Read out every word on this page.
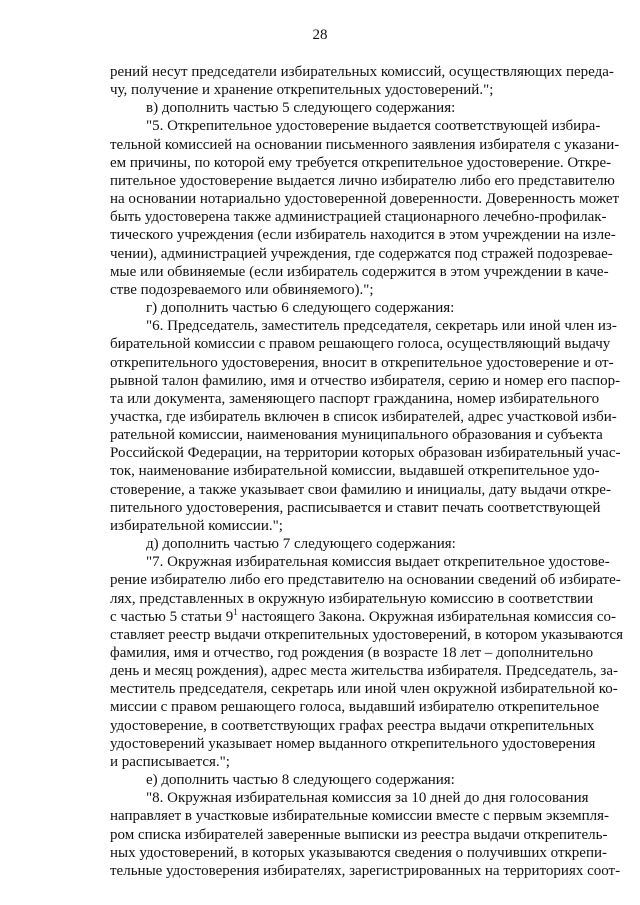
28
рений несут председатели избирательных комиссий, осуществляющих переда-
чу, получение и хранение открепительных удостоверений.";
в) дополнить частью 5 следующего содержания:
"5. Открепительное удостоверение выдается соответствующей избира-
тельной комиссией на основании письменного заявления избирателя с указани-
ем причины, по которой ему требуется открепительное удостоверение. Откре-
пительное удостоверение выдается лично избирателю либо его представителю
на основании нотариально удостоверенной доверенности. Доверенность может
быть удостоверена также администрацией стационарного лечебно-профилак-
тического учреждения (если избиратель находится в этом учреждении на изле-
чении), администрацией учреждения, где содержатся под стражей подозревае-
мые или обвиняемые (если избиратель содержится в этом учреждении в каче-
стве подозреваемого или обвиняемого).";
г) дополнить частью 6 следующего содержания:
"6. Председатель, заместитель председателя, секретарь или иной член из-
бирательной комиссии с правом решающего голоса, осуществляющий выдачу
открепительного удостоверения, вносит в открепительное удостоверение и от-
рывной талон фамилию, имя и отчество избирателя, серию и номер его паспор-
та или документа, заменяющего паспорт гражданина, номер избирательного
участка, где избиратель включен в список избирателей, адрес участковой изби-
рательной комиссии, наименования муниципального образования и субъекта
Российской Федерации, на территории которых образован избирательный учас-
ток, наименование избирательной комиссии, выдавшей открепительное удо-
стоверение, а также указывает свои фамилию и инициалы, дату выдачи откре-
пительного удостоверения, расписывается и ставит печать соответствующей
избирательной комиссии.";
д) дополнить частью 7 следующего содержания:
"7. Окружная избирательная комиссия выдает открепительное удостове-
рение избирателю либо его представителю на основании сведений об избирате-
лях, представленных в окружную избирательную комиссию в соответствии
с частью 5 статьи $9^1$ настоящего Закона. Окружная избирательная комиссия со-
ставляет реестр выдачи открепительных удостоверений, в котором указываются
фамилия, имя и отчество, год рождения (в возрасте 18 лет – дополнительно
день и месяц рождения), адрес места жительства избирателя. Председатель, за-
меститель председателя, секретарь или иной член окружной избирательной ко-
миссии с правом решающего голоса, выдавший избирателю открепительное
удостоверение, в соответствующих графах реестра выдачи открепительных
удостоверений указывает номер выданного открепительного удостоверения
и расписывается.";
е) дополнить частью 8 следующего содержания:
"8. Окружная избирательная комиссия за 10 дней до дня голосования
направляет в участковые избирательные комиссии вместе с первым экземпля-
ром списка избирателей заверенные выписки из реестра выдачи открепитель-
ных удостоверений, в которых указываются сведения о получивших открепи-
тельные удостоверения избирателях, зарегистрированных на территориях соот-
